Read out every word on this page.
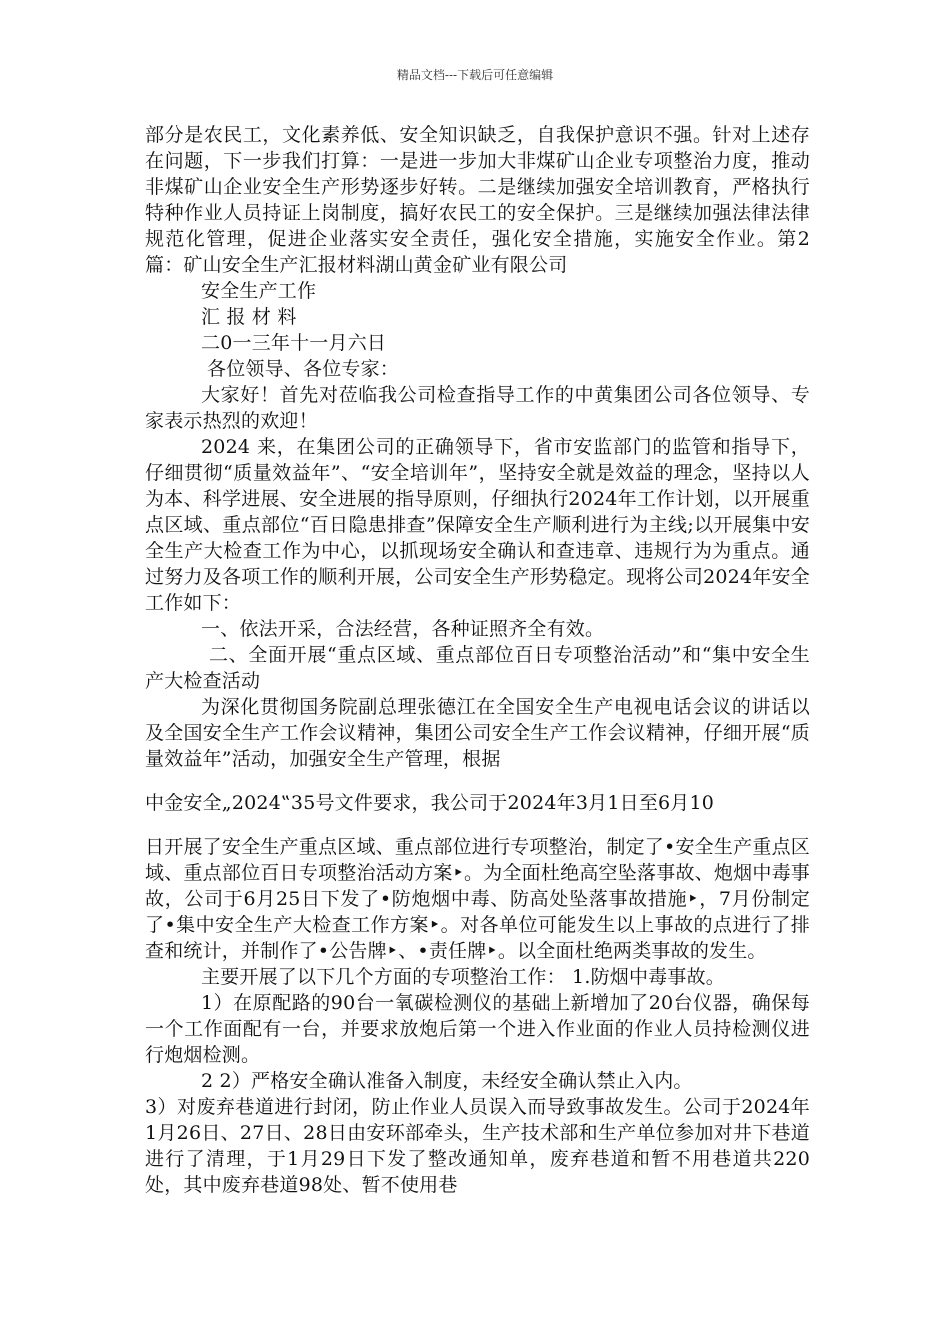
精品文档---下载后可任意编辑

部分是农民工，文化素养低、安全知识缺乏，自我保护意识不强。针对上述存在问题，下一步我们打算：一是进一步加大非煤矿山企业专项整治力度，推动非煤矿山企业安全生产形势逐步好转。二是继续加强安全培训教育，严格执行特种作业人员持证上岗制度，搞好农民工的安全保护。三是继续加强法律法律规范化管理，促进企业落实安全责任，强化安全措施，实施安全作业。第2篇：矿山安全生产汇报材料湖山黄金矿业有限公司

安全生产工作

汇 报 材 料

二0一三年十一月六日

各位领导、各位专家：

大家好！首先对莅临我公司检查指导工作的中黄集团公司各位领导、专家表示热烈的欢迎！

2024 来，在集团公司的正确领导下，省市安监部门的监管和指导下，仔细贯彻“质量效益年”、“安全培训年”，坚持安全就是效益的理念，坚持以人为本、科学进展、安全进展的指导原则，仔细执行2024年工作计划，以开展重点区域、重点部位“百日隐患排查”保障安全生产顺利进行为主线;以开展集中安全生产大检查工作为中心，以抓现场安全确认和查违章、违规行为为重点。通过努力及各项工作的顺利开展，公司安全生产形势稳定。现将公司2024年安全工作如下：

一、依法开采，合法经营，各种证照齐全有效。

二、全面开展“重点区域、重点部位百日专项整治活动”和“集中安全生产大检查活动

为深化贯彻国务院副总理张德江在全国安全生产电视电话会议的讲话以及全国安全生产工作会议精神，集团公司安全生产工作会议精神，仔细开展“质量效益年”活动，加强安全生产管理，根据

中金安全„2024‟35号文件要求，我公司于2024年3月1日至6月10

日开展了安全生产重点区域、重点部位进行专项整治，制定了•安全生产重点区域、重点部位百日专项整治活动方案‣。为全面杜绝高空坠落事故、炮烟中毒事故，公司于6月25日下发了•防炮烟中毒、防高处坠落事故措施‣，7月份制定了•集中安全生产大检查工作方案‣。对各单位可能发生以上事故的点进行了排查和统计，并制作了•公告牌‣、•责任牌‣。以全面杜绝两类事故的发生。

主要开展了以下几个方面的专项整治工作： 1.防烟中毒事故。

1）在原配路的90台一氧碳检测仪的基础上新增加了20台仪器，确保每一个工作面配有一台，并要求放炮后第一个进入作业面的作业人员持检测仪进行炮烟检测。

2 2）严格安全确认准备入制度，未经安全确认禁止入内。

3）对废弃巷道进行封闭，防止作业人员误入而导致事故发生。公司于2024年1月26日、27日、28日由安环部牵头，生产技术部和生产单位参加对井下巷道进行了清理，于1月29日下发了整改通知单，废弃巷道和暂不用巷道共220处，其中废弃巷道98处、暂不使用巷
